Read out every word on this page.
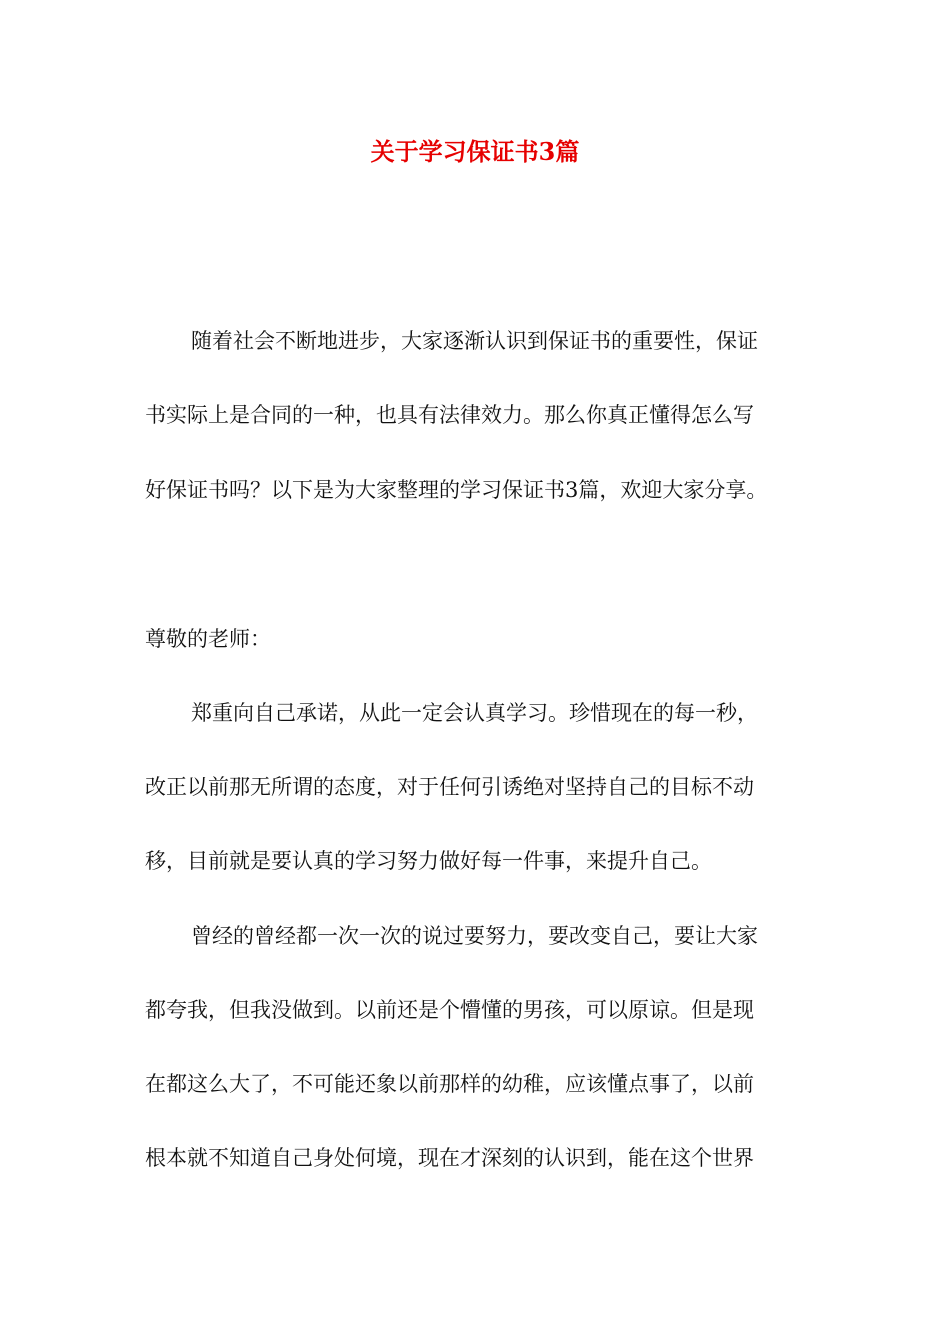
关于学习保证书3篇
随着社会不断地进步，大家逐渐认识到保证书的重要性，保证
书实际上是合同的一种，也具有法律效力。那么你真正懂得怎么写
好保证书吗？以下是为大家整理的学习保证书3篇，欢迎大家分享。
尊敬的老师：
郑重向自己承诺，从此一定会认真学习。珍惜现在的每一秒，
改正以前那无所谓的态度，对于任何引诱绝对坚持自己的目标不动
移，目前就是要认真的学习努力做好每一件事，来提升自己。
曾经的曾经都一次一次的说过要努力，要改变自己，要让大家
都夸我，但我没做到。以前还是个懵懂的男孩，可以原谅。但是现
在都这么大了，不可能还象以前那样的幼稚，应该懂点事了，以前
根本就不知道自己身处何境，现在才深刻的认识到，能在这个世界
